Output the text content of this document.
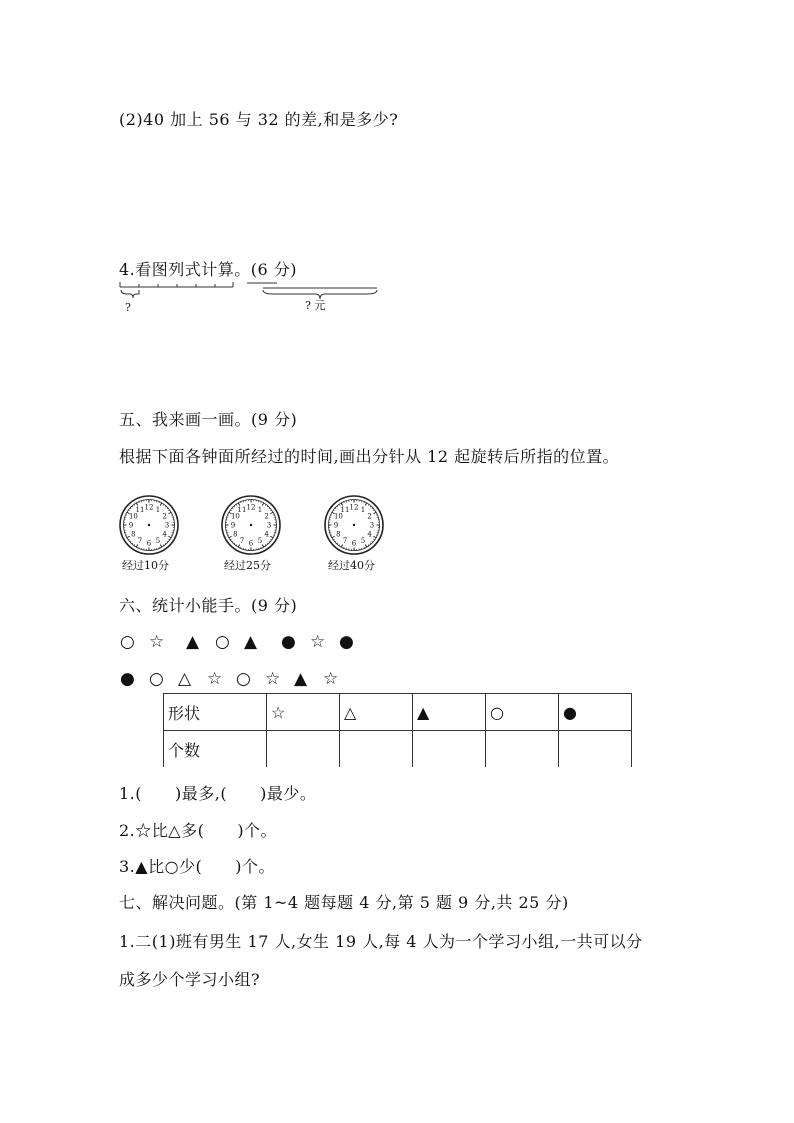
(2)40 加上 56 与 32 的差,和是多少?
4.看图列式计算。(6 分)
?	? 元
五、我来画一画。(9 分)
根据下面各钟面所经过的时间,画出分针从 12 起旋转后所指的位置。
12 1
2
3
4
5
6
7
8
9
10
11	12 1
2
3
4
5
6
7
8
9
10
11	12 1
2
3
4
5
6
7
8
9
10
11
经过10分	经过25分	经过40分
六、统计小能手。(9 分)
○ ☆ ▲ ○ ▲ ● ☆ ●
● ○ △ ☆ ○ ☆ ▲ ☆
形状	☆	△	▲	○	●
个数					
1.(　　)最多,(　　)最少。
2.☆比△多(　　)个。
3.▲比○少(　　)个。
七、解决问题。(第 1~4 题每题 4 分,第 5 题 9 分,共 25 分)
1.二(1)班有男生 17 人,女生 19 人,每 4 人为一个学习小组,一共可以分
成多少个学习小组?
